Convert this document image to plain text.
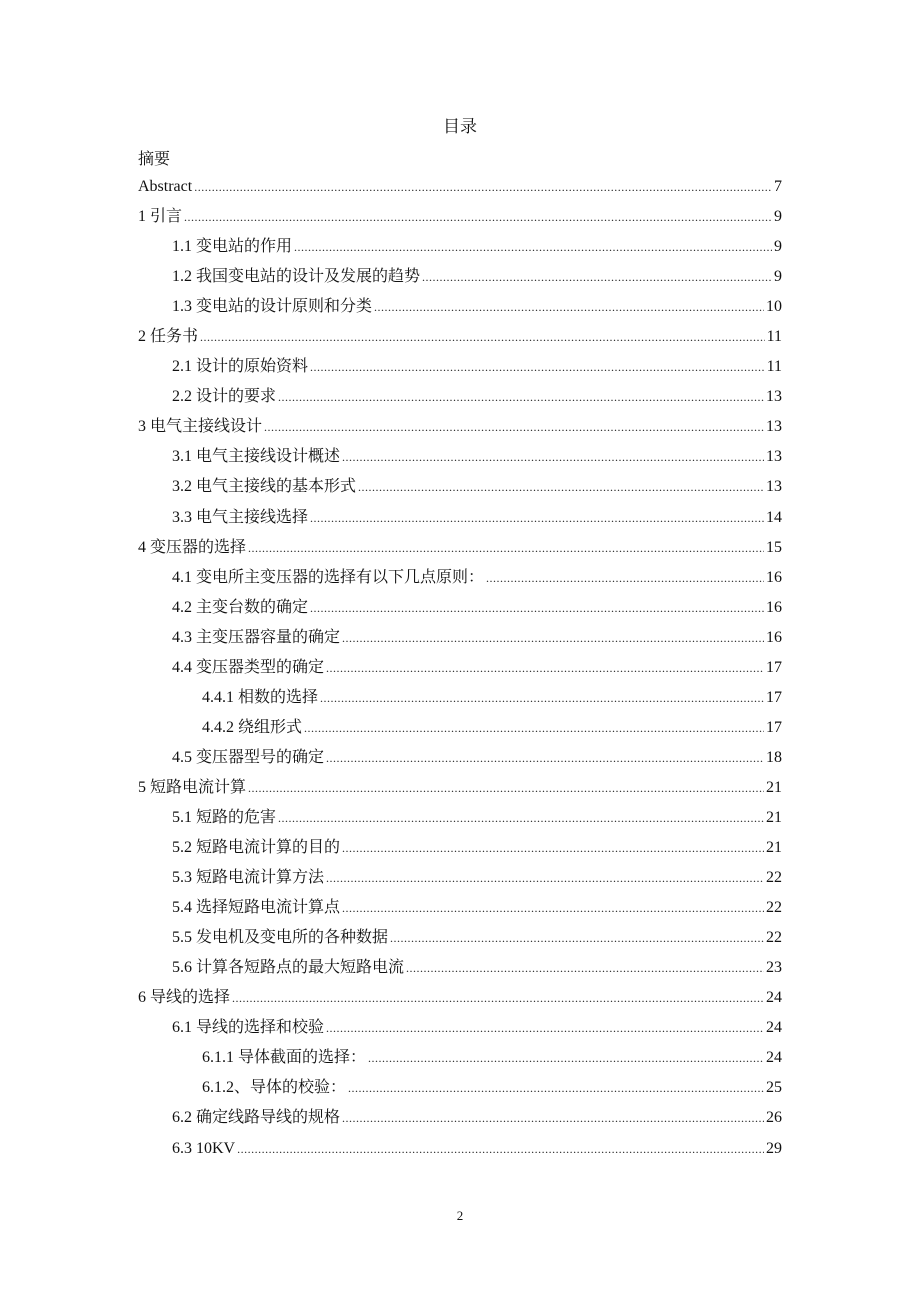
目录
摘要
Abstract .....	7
1 引言 .....	9
1.1 变电站的作用 .....	9
1.2 我国变电站的设计及发展的趋势 .....	9
1.3 变电站的设计原则和分类 .....	10
2 任务书 .....	11
2.1 设计的原始资料 .....	11
2.2 设计的要求 .....	13
3 电气主接线设计 .....	13
3.1 电气主接线设计概述 .....	13
3.2 电气主接线的基本形式 .....	13
3.3 电气主接线选择 .....	14
4 变压器的选择 .....	15
4.1 变电所主变压器的选择有以下几点原则： .....	16
4.2 主变台数的确定 .....	16
4.3 主变压器容量的确定 .....	16
4.4 变压器类型的确定 .....	17
4.4.1 相数的选择 .....	17
4.4.2 绕组形式 .....	17
4.5 变压器型号的确定 .....	18
5 短路电流计算 .....	21
5.1 短路的危害 .....	21
5.2 短路电流计算的目的 .....	21
5.3 短路电流计算方法 .....	22
5.4 选择短路电流计算点 .....	22
5.5 发电机及变电所的各种数据 .....	22
5.6 计算各短路点的最大短路电流 .....	23
6 导线的选择 .....	24
6.1 导线的选择和校验 .....	24
6.1.1 导体截面的选择： .....	24
6.1.2、导体的校验： .....	25
6.2 确定线路导线的规格 .....	26
6.3 10KV .....	29
2
